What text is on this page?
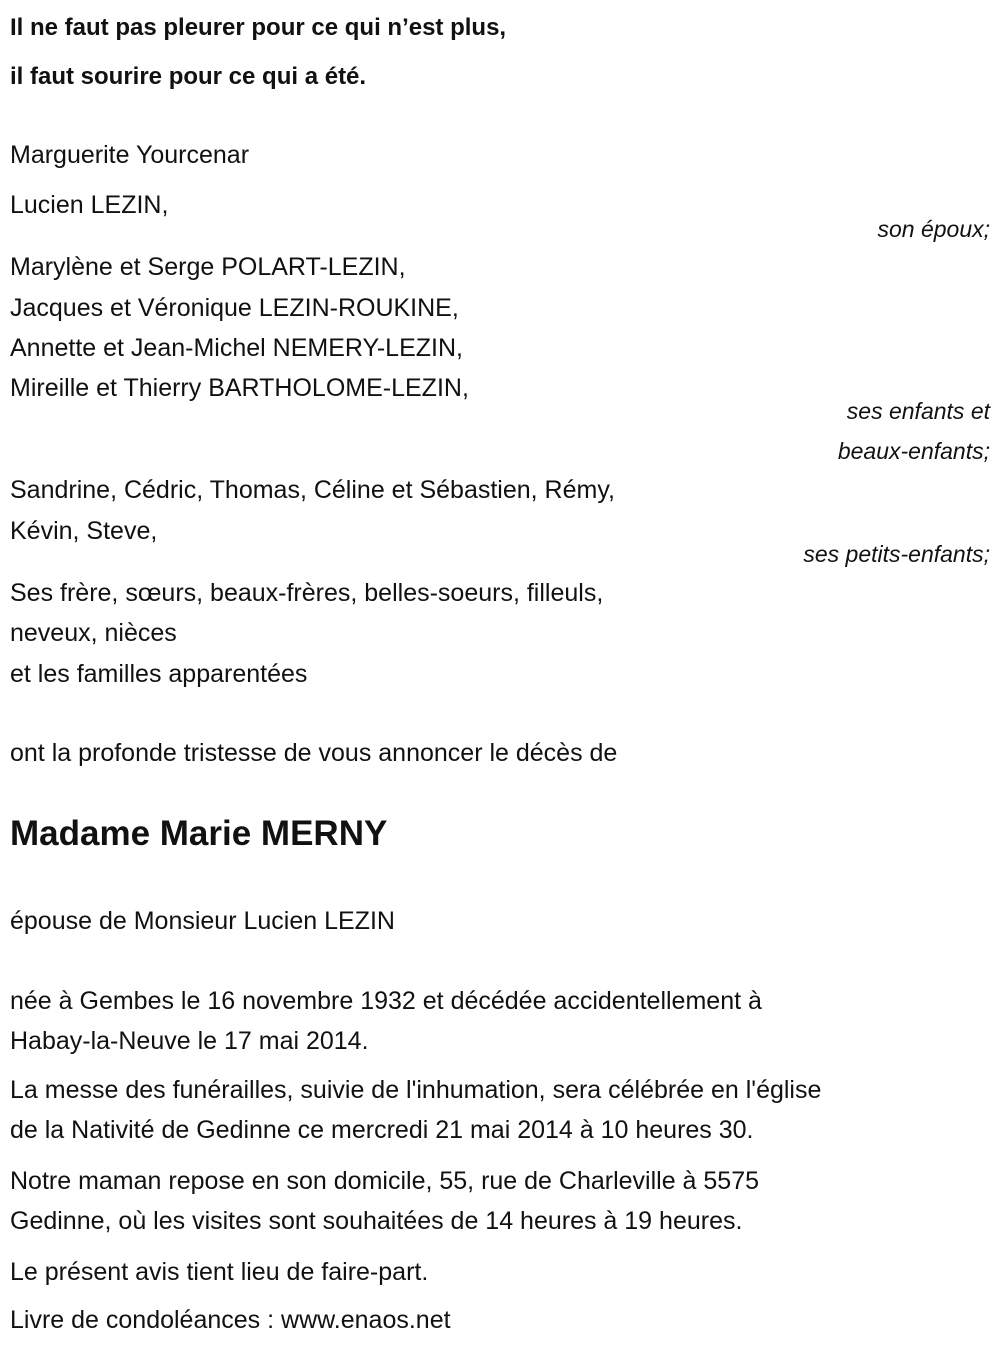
Il ne faut pas pleurer pour ce qui n’est plus,
il faut sourire pour ce qui a été.
Marguerite Yourcenar
Lucien LEZIN,
son époux;
Marylène et Serge POLART-LEZIN,
Jacques et Véronique LEZIN-ROUKINE,
Annette et Jean-Michel NEMERY-LEZIN,
Mireille et Thierry BARTHOLOME-LEZIN,
ses enfants et
beaux-enfants;
Sandrine, Cédric, Thomas, Céline et Sébastien, Rémy,
Kévin, Steve,
ses petits-enfants;
Ses frère, sœurs, beaux-frères, belles-soeurs, filleuls,
neveux, nièces
et les familles apparentées
ont la profonde tristesse de vous annoncer le décès de
Madame Marie MERNY
épouse de Monsieur Lucien LEZIN
née à Gembes le 16 novembre 1932 et décédée accidentellement à
Habay-la-Neuve le 17 mai 2014.
La messe des funérailles, suivie de l'inhumation, sera célébrée en l'église
de la Nativité de Gedinne ce mercredi 21 mai 2014 à 10 heures 30.
Notre maman repose en son domicile, 55, rue de Charleville à 5575
Gedinne, où les visites sont souhaitées de 14 heures à 19 heures.
Le présent avis tient lieu de faire-part.
Livre de condoléances : www.enaos.net
